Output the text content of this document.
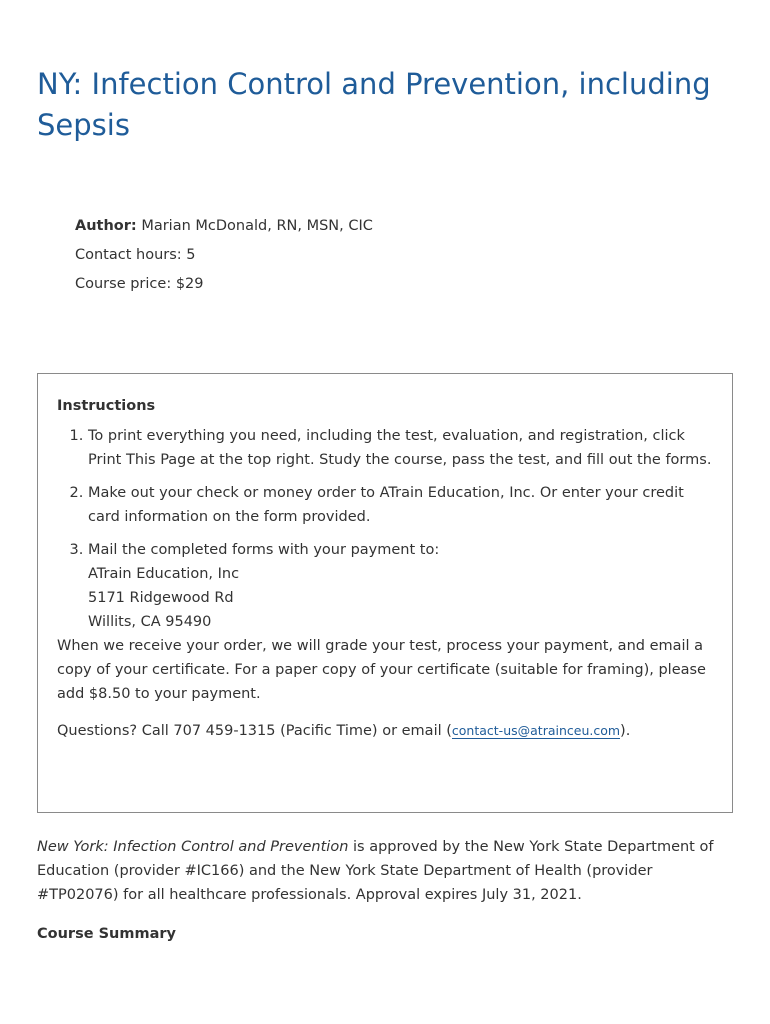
NY: Infection Control and Prevention, including Sepsis
Author: Marian McDonald, RN, MSN, CIC
Contact hours: 5
Course price: $29

Instructions

1. To print everything you need, including the test, evaluation, and registration, click Print This Page at the top right. Study the course, pass the test, and fill out the forms.
2. Make out your check or money order to ATrain Education, Inc. Or enter your credit card information on the form provided.
3. Mail the completed forms with your payment to:
ATrain Education, Inc
5171 Ridgewood Rd
Willits, CA 95490

When we receive your order, we will grade your test, process your payment, and email a copy of your certificate. For a paper copy of your certificate (suitable for framing), please add $8.50 to your payment.

Questions? Call 707 459-1315 (Pacific Time) or email (contact-us@atrainceu.com).

New York: Infection Control and Prevention is approved by the New York State Department of Education (provider #IC166) and the New York State Department of Health (provider #TP02076) for all healthcare professionals. Approval expires July 31, 2021.

Course Summary
